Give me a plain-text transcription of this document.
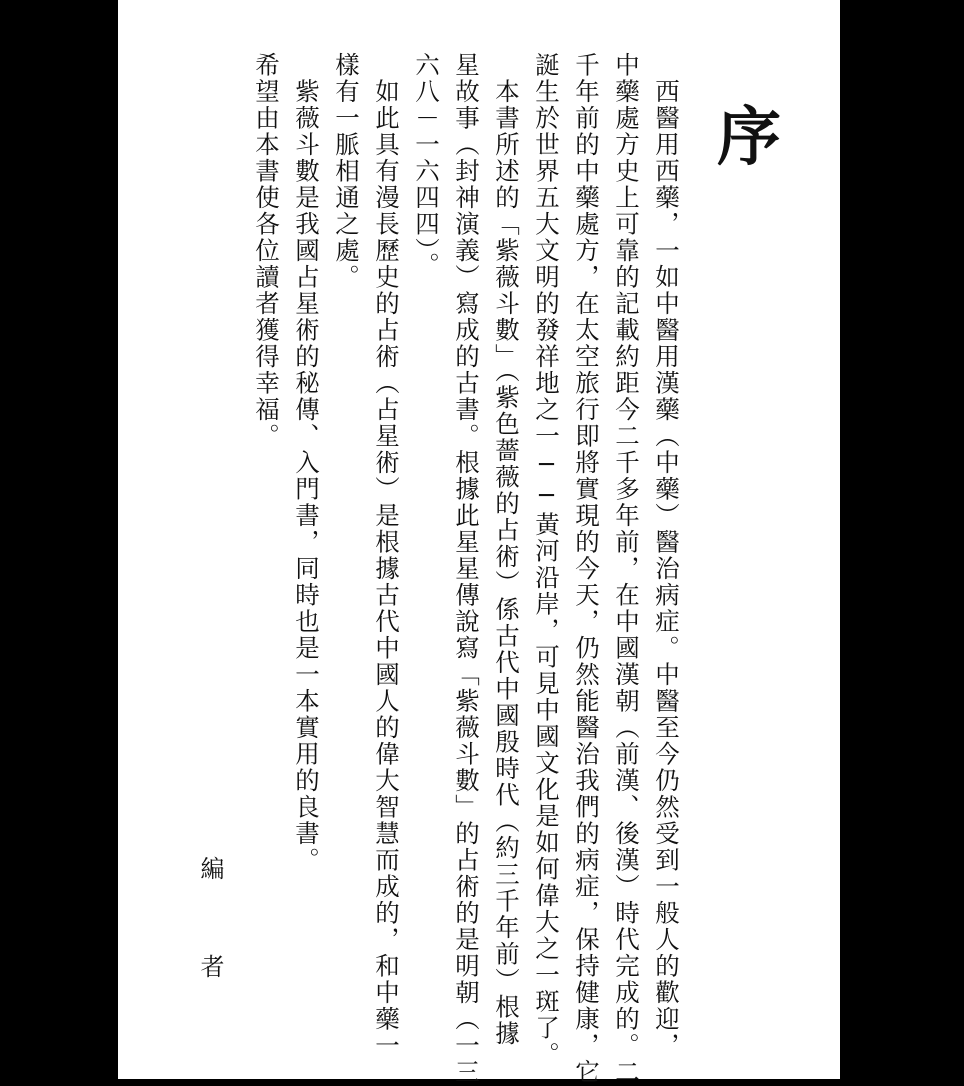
序
　西醫用西藥，一如中醫用漢藥（中藥）醫治病症。中醫至今仍然受到一般人的歡迎，
中藥處方史上可靠的記載約距今二千多年前，在中國漢朝（前漢、後漢）時代完成的。二
千年前的中藥處方，在太空旅行即將實現的今天，仍然能醫治我們的病症，保持健康，它
誕生於世界五大文明的發祥地之一──黃河沿岸，可見中國文化是如何偉大之一斑了。
　本書所述的「紫薇斗數」（紫色薔薇的占術）係古代中國殷時代（約三千年前）根據
星故事（封神演義）寫成的古書。根據此星星傳說寫「紫薇斗數」的占術的是明朝（一三
六八－一六四四）。
　如此具有漫長歷史的占術（占星術）是根據古代中國人的偉大智慧而成的，和中藥一
樣有一脈相通之處。
　紫薇斗數是我國占星術的秘傳、入門書，同時也是一本實用的良書。
希望由本書使各位讀者獲得幸福。
編
者
